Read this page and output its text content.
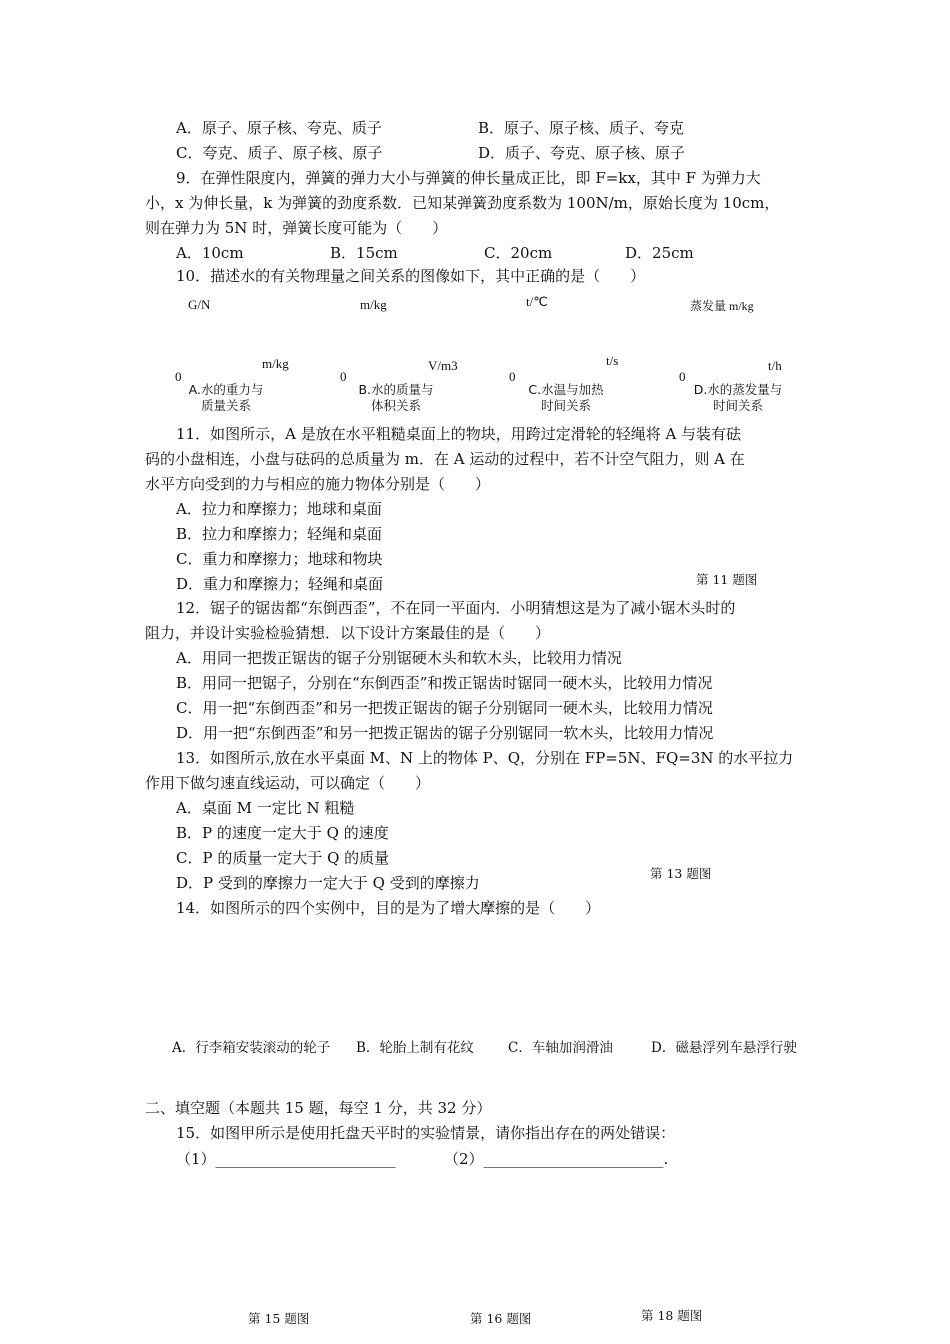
A．原子、原子核、夸克、质子	B．原子、原子核、质子、夸克
C．夸克、质子、原子核、原子	D．质子、夸克、原子核、原子
9．在弹性限度内，弹簧的弹力大小与弹簧的伸长量成正比，即 F=kx，其中 F 为弹力大
小，x 为伸长量，k 为弹簧的劲度系数．已知某弹簧劲度系数为 100N/m，原始长度为 10cm，
则在弹力为 5N 时，弹簧长度可能为（　　）
A．10cm	B．15cm	C．20cm	D．25cm
10．描述水的有关物理量之间关系的图像如下，其中正确的是（　　）
G/N
m/kg
0
A.水的重力与
质量关系
m/kg
V/m3
0
B.水的质量与
体积关系
t/℃
t/s
0
C.水温与加热
时间关系
蒸发量 m/kg
t/h
0
D.水的蒸发量与
时间关系
11．如图所示，A 是放在水平粗糙桌面上的物块，用跨过定滑轮的轻绳将 A 与装有砝
码的小盘相连，小盘与砝码的总质量为 m．在 A 运动的过程中，若不计空气阻力，则 A 在
水平方向受到的力与相应的施力物体分别是（　　）
A．拉力和摩擦力；地球和桌面
B．拉力和摩擦力；轻绳和桌面
C．重力和摩擦力；地球和物块
D．重力和摩擦力；轻绳和桌面	第 11 题图
12．锯子的锯齿都“东倒西歪”，不在同一平面内．小明猜想这是为了减小锯木头时的
阻力，并设计实验检验猜想．以下设计方案最佳的是（　　）
A．用同一把拨正锯齿的锯子分别锯硬木头和软木头，比较用力情况
B．用同一把锯子，分别在“东倒西歪”和拨正锯齿时锯同一硬木头，比较用力情况
C．用一把“东倒西歪”和另一把拨正锯齿的锯子分别锯同一硬木头，比较用力情况
D．用一把“东倒西歪”和另一把拨正锯齿的锯子分别锯同一软木头，比较用力情况
13．如图所示,放在水平桌面 M、N 上的物体 P、Q，分别在 FP=5N、FQ=3N 的水平拉力
作用下做匀速直线运动，可以确定（　　）
A．桌面 M 一定比 N 粗糙
B．P 的速度一定大于 Q 的速度
C．P 的质量一定大于 Q 的质量
D．P 受到的摩擦力一定大于 Q 受到的摩擦力
第 13 题图
14．如图所示的四个实例中，目的是为了增大摩擦的是（　　）
A．行李箱安装滚动的轮子 B．轮胎上制有花纹	C．车轴加润滑油	D．磁悬浮列车悬浮行驶
二、填空题（本题共 15 题，每空 1 分，共 32 分）
15．如图甲所示是使用托盘天平时的实验情景，请你指出存在的两处错误：
（1）________________________	（2）________________________.
第 15 题图	第 16 题图	第 18 题图
